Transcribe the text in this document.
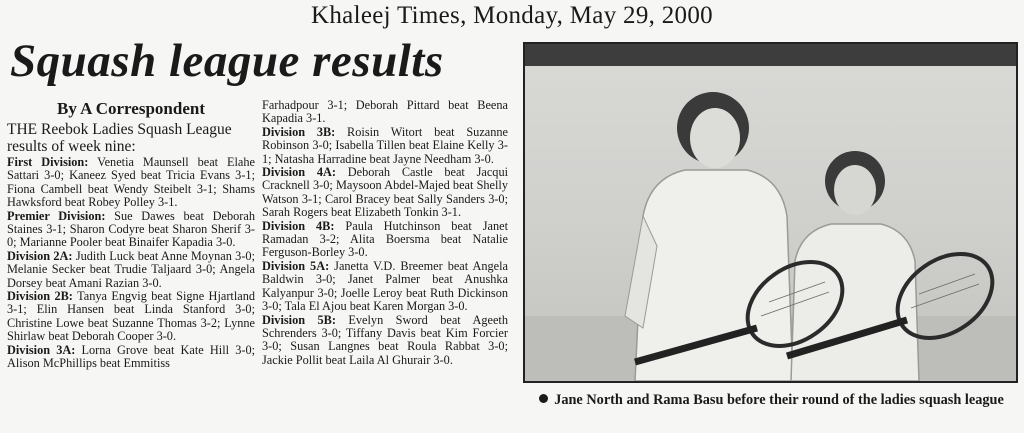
Khaleej Times, Monday, May 29, 2000
Squash league results
By A Correspondent
THE Reebok Ladies Squash League results of week nine:

First Division: Venetia Maunsell beat Elahe Sattari 3-0; Kaneez Syed beat Tricia Evans 3-1; Fiona Cambell beat Wendy Steibelt 3-1; Shams Hawksford beat Robey Polley 3-1.

Premier Division: Sue Dawes beat Deborah Staines 3-1; Sharon Codyre beat Sharon Sherif 3-0; Marianne Pooler beat Binaifer Kapadia 3-0.

Division 2A: Judith Luck beat Anne Moynan 3-0; Melanie Secker beat Trudie Taljaard 3-0; Angela Dorsey beat Amani Razian 3-0.

Division 2B: Tanya Engvig beat Signe Hjartland 3-1; Elin Hansen beat Linda Stanford 3-0; Christine Lowe beat Suzanne Thomas 3-2; Lynne Shirlaw beat Deborah Cooper 3-0.

Division 3A: Lorna Grove beat Kate Hill 3-0; Alison McPhillips beat Emmitiss

Farhadpour 3-1; Deborah Pittard beat Beena Kapadia 3-1.

Division 3B: Roisin Witort beat Suzanne Robinson 3-0; Isabella Tillen beat Elaine Kelly 3-1; Natasha Harradine beat Jayne Needham 3-0.

Division 4A: Deborah Castle beat Jacqui Cracknell 3-0; Maysoon Abdel-Majed beat Shelly Watson 3-1; Carol Bracey beat Sally Sanders 3-0; Sarah Rogers beat Elizabeth Tonkin 3-1.

Division 4B: Paula Hutchinson beat Janet Ramadan 3-2; Alita Boersma beat Natalie Ferguson-Borley 3-0.

Division 5A: Janetta V.D. Breemer beat Angela Baldwin 3-0; Janet Palmer beat Anushka Kalyanpur 3-0; Joelle Leroy beat Ruth Dickinson 3-0; Tala El Ajou beat Karen Morgan 3-0.

Division 5B: Evelyn Sword beat Ageeth Schrenders 3-0; Tiffany Davis beat Kim Forcier 3-0; Susan Langnes beat Roula Rabbat 3-0; Jackie Pollit beat Laila Al Ghurair 3-0.

Jane North and Rama Basu before their round of the ladies squash league
